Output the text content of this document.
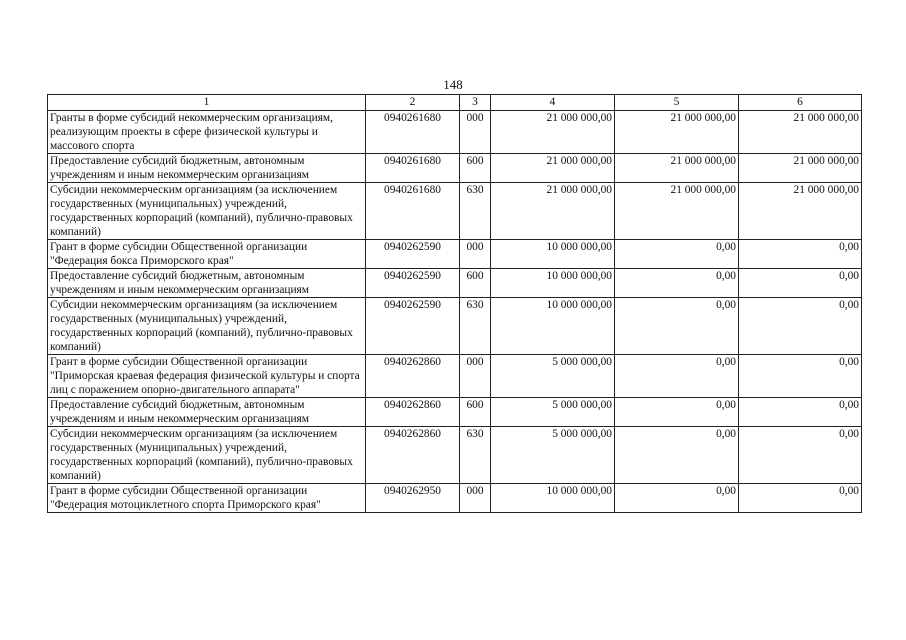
148
1	2	3	4	5	6
Гранты в форме субсидий некоммерческим организациям, реализующим проекты в сфере физической культуры и массового спорта	0940261680	000	21 000 000,00	21 000 000,00	21 000 000,00
Предоставление субсидий бюджетным, автономным учреждениям и иным некоммерческим организациям	0940261680	600	21 000 000,00	21 000 000,00	21 000 000,00
Субсидии некоммерческим организациям (за исключением государственных (муниципальных) учреждений, государственных корпораций (компаний), публично-правовых компаний)	0940261680	630	21 000 000,00	21 000 000,00	21 000 000,00
Грант в форме субсидии Общественной организации "Федерация бокса Приморского края"	0940262590	000	10 000 000,00	0,00	0,00
Предоставление субсидий бюджетным, автономным учреждениям и иным некоммерческим организациям	0940262590	600	10 000 000,00	0,00	0,00
Субсидии некоммерческим организациям (за исключением государственных (муниципальных) учреждений, государственных корпораций (компаний), публично-правовых компаний)	0940262590	630	10 000 000,00	0,00	0,00
Грант в форме субсидии Общественной организации "Приморская краевая федерация физической культуры и спорта лиц с поражением опорно-двигательного аппарата"	0940262860	000	5 000 000,00	0,00	0,00
Предоставление субсидий бюджетным, автономным учреждениям и иным некоммерческим организациям	0940262860	600	5 000 000,00	0,00	0,00
Субсидии некоммерческим организациям (за исключением государственных (муниципальных) учреждений, государственных корпораций (компаний), публично-правовых компаний)	0940262860	630	5 000 000,00	0,00	0,00
Грант в форме субсидии Общественной организации "Федерация мотоциклетного спорта Приморского края"	0940262950	000	10 000 000,00	0,00	0,00
